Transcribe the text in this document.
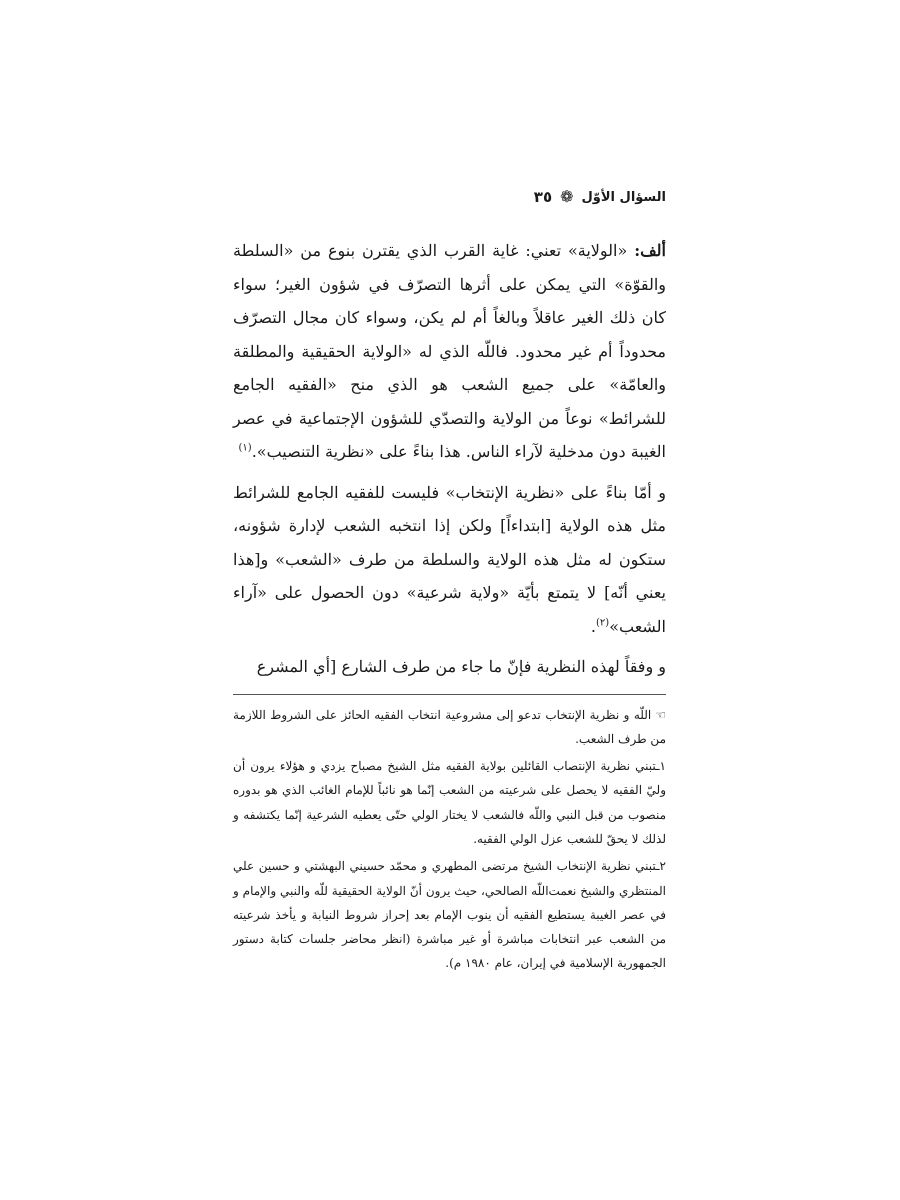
السؤال الأوّل
❁
٣٥

ألف: «الولاية» تعني: غاية القرب الذي يقترن بنوع من «السلطة والقوّة» التي يمكن على أثرها التصرّف في شؤون الغير؛ سواء كان ذلك الغير عاقلاً وبالغاً أم لم يكن، وسواء كان مجال التصرّف محدوداً أم غير محدود. فاللّه الذي له «الولاية الحقيقية والمطلقة والعامّة» على جميع الشعب هو الذي منح «الفقيه الجامع للشرائط» نوعاً من الولاية والتصدّي للشؤون الإجتماعية في عصر الغيبة دون مدخلية لآراء الناس. هذا بناءً على «نظرية التنصيب».$^{(١)}$

و أمّا بناءً على «نظرية الإنتخاب» فليست للفقيه الجامع للشرائط مثل هذه الولاية [ابتداءاً] ولكن إذا انتخبه الشعب لإدارة شؤونه، ستكون له مثل هذه الولاية والسلطة من طرف «الشعب» و[هذا يعني أنّه] لا يتمتع بأيّة «ولاية شرعية» دون الحصول على «آراء الشعب»$^{(٢)}$.

و وفقاً لهذه النظرية فإنّ ما جاء من طرف الشارع [أي المشرع

☜اللّه و نظرية الإنتخاب تدعو إلى مشروعية انتخاب الفقيه الحائز على الشروط اللازمة من طرف الشعب.

١ـتبني نظرية الإنتصاب القائلين بولاية الفقيه مثل الشيخ مصباح يزدي و هؤلاء يرون أن وليّ الفقيه لا يحصل على شرعيته من الشعب إنّما هو نائباً للإمام الغائب الذي هو بدوره منصوب من قبل النبي واللّه فالشعب لا يختار الولي حتّى يعطيه الشرعية إنّما يكتشفه و لذلك لا يحقّ للشعب عزل الولي الفقيه.

٢ـتبني نظرية الإنتخاب الشيخ مرتضى المطهري و محمّد حسيني البهشتي و حسين علي المنتظري والشيخ نعمت‌اللّه الصالحي، حيث يرون أنّ الولاية الحقيقية للّه والنبي والإمام و في عصر الغيبة يستطيع الفقيه أن ينوب الإمام بعد إحراز شروط النيابة و يأخذ شرعيته من الشعب عبر انتخابات مباشرة أو غير مباشرة (انظر محاضر جلسات كتابة دستور الجمهورية الإسلامية في إيران، عام ١٩٨٠ م).
